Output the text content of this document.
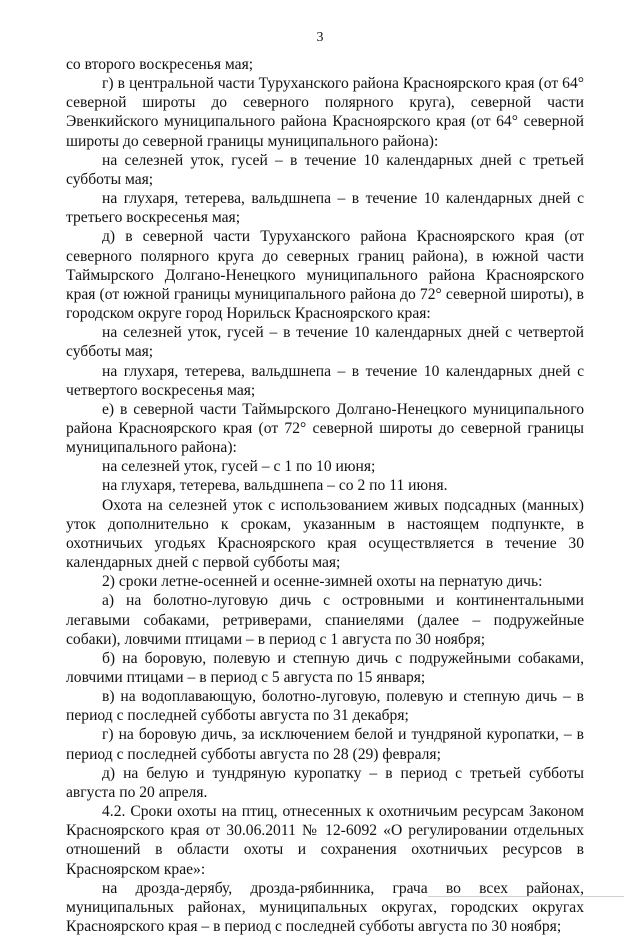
3

со второго воскресенья мая;

г) в центральной части Туруханского района Красноярского края (от 64° северной широты до северного полярного круга), северной части Эвенкийского муниципального района Красноярского края (от 64° северной широты до северной границы муниципального района):

на селезней уток, гусей – в течение 10 календарных дней с третьей субботы мая;

на глухаря, тетерева, вальдшнепа – в течение 10 календарных дней с третьего воскресенья мая;

д) в северной части Туруханского района Красноярского края (от северного полярного круга до северных границ района), в южной части Таймырского Долгано-Ненецкого муниципального района Красноярского края (от южной границы муниципального района до 72° северной широты), в городском округе город Норильск Красноярского края:

на селезней уток, гусей – в течение 10 календарных дней с четвертой субботы мая;

на глухаря, тетерева, вальдшнепа – в течение 10 календарных дней с четвертого воскресенья мая;

е) в северной части Таймырского Долгано-Ненецкого муниципального района Красноярского края (от 72° северной широты до северной границы муниципального района):

на селезней уток, гусей – с 1 по 10 июня;

на глухаря, тетерева, вальдшнепа – со 2 по 11 июня.

Охота на селезней уток с использованием живых подсадных (манных) уток дополнительно к срокам, указанным в настоящем подпункте, в охотничьих угодьях Красноярского края осуществляется в течение 30 календарных дней с первой субботы мая;

2) сроки летне-осенней и осенне-зимней охоты на пернатую дичь:

а) на болотно-луговую дичь с островными и континентальными легавыми собаками, ретриверами, спаниелями (далее – подружейные собаки), ловчими птицами – в период с 1 августа по 30 ноября;

б) на боровую, полевую и степную дичь с подружейными собаками, ловчими птицами – в период с 5 августа по 15 января;

в) на водоплавающую, болотно-луговую, полевую и степную дичь – в период с последней субботы августа по 31 декабря;

г) на боровую дичь, за исключением белой и тундряной куропатки, – в период с последней субботы августа по 28 (29) февраля;

д) на белую и тундряную куропатку – в период с третьей субботы августа по 20 апреля.

4.2. Сроки охоты на птиц, отнесенных к охотничьим ресурсам Законом Красноярского края от 30.06.2011 № 12-6092 «О регулировании отдельных отношений в области охоты и сохранения охотничьих ресурсов в Красноярском крае»:

на дрозда-дерябу, дрозда-рябинника, грача во всех районах, муниципальных районах, муниципальных округах, городских округах Красноярского края – в период с последней субботы августа по 30 ноября;
